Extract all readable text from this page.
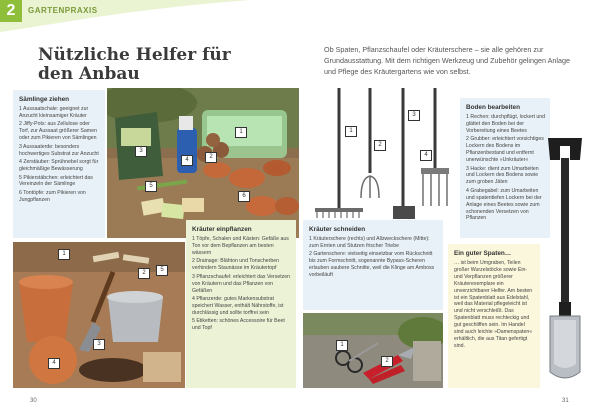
2	GARTENPRAXIS
Nützliche Helfer für
den Anbau
Ob Spaten, Pflanzschaufel oder Kräuterschere – sie alle gehören zur Grundausstattung. Mit dem richtigen Werkzeug und Zubehör gelingen Anlage und Pflege des Kräutergartens wie von selbst.
Sämlinge ziehen
1 Aussaatschale: geeignet zur Anzucht kleinsamiger Kräuter
2 Jiffy-Pots: aus Zellulose oder Torf, zur Aussaat größerer Samen oder zum Pikieren von Sämlingen
3 Aussaaterde: besonders hochwertiges Substrat zur Anzucht
4 Zerstäuber: Sprühnebel sorgt für gleichmäßige Bewässerung
5 Pikierstäbchen: erleichtert das Vereinzeln der Sämlinge
6 Tontöpfe: zum Pikieren von Jungpflanzen
1
2
3
4
5
6
1
2
3
4
Boden bearbeiten
1 Rechen: durchpflügt, lockert und glättet den Boden bei der Vorbereitung eines Beetes
2 Grubber: erleichtert vorsichtiges Lockern des Bodens im Pflanzenbestand und entfernt unerwünschte »Unkräuter«
3 Hacke: dient zum Umarbeiten und Lockern des Bodens sowie zum groben Jäten
4 Grabegabel: zum Umarbeiten und spatentiefen Lockern bei der Anlage eines Beetes sowie zum schonenden Versetzen von Pflanzen
1
2
3
4
5
Kräuter einpflanzen
1 Töpfe, Schalen und Kästen: Gefäße aus Ton vor dem Bepflanzen am besten wässern
2 Drainage: Blähton und Tonscherben verhindern Staunässe im Kräutertopf
3 Pflanzschaufel: erleichtert das Versetzen von Kräutern und das Pflanzen von Gefäßen
4 Pflanzerde: gutes Markensubstrat speichert Wasser, enthält Nährstoffe, ist durchlässig und sollte torffrei sein
5 Etiketten: schönes Accessoire für Beet und Topf
Kräuter schneiden
1 Kräuterschere (rechts) und Allzweckschere (Mitte): zum Ernten und Stutzen frischer Triebe
2 Gartenschere: vielseitig einsetzbar vom Rückschnitt bis zum Formschnitt, sogenannte Bypass-Scheren erlauben saubere Schnitte, weil die Klinge am Amboss vorbeiläuft
1
2
Ein guter Spaten…
… ist beim Umgraben, Teilen großer Wurzelstöcke sowie Ein- und Verpflanzen größerer Kräuterexemplare ein unverzichtbarer Helfer. Am besten ist ein Spatenblatt aus Edelstahl, weil das Material pflegeleicht ist und nicht verschleißt. Das Spatenblatt muss rechteckig und gut geschliffen sein. Im Handel sind auch leichte »Damenspaten« erhältlich, die aus Titan gefertigt sind.
30	31
